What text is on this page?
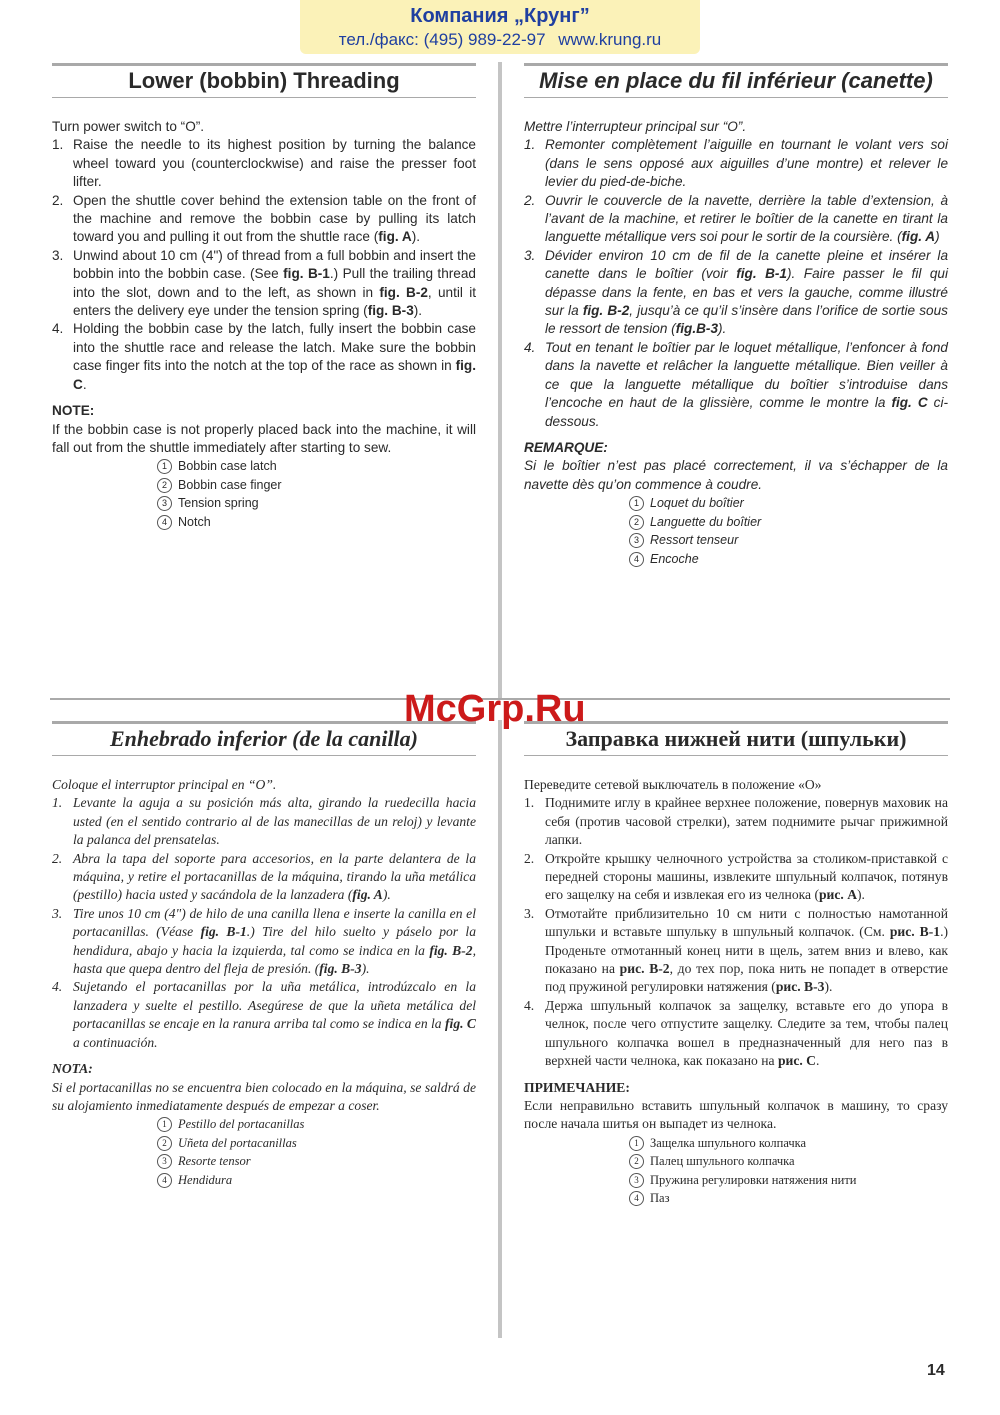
Компания „Крунг”
тел./факс: (495) 989-22-97 www.krung.ru
Lower (bobbin) Threading

Turn power switch to “O”.

1. Raise the needle to its highest position by turning the balance wheel toward you (counterclockwise) and raise the presser foot lifter.
2. Open the shuttle cover behind the extension table on the front of the machine and remove the bobbin case by pulling its latch toward you and pulling it out from the shuttle race (fig. A).
3. Unwind about 10 cm (4") of thread from a full bobbin and insert the bobbin into the bobbin case. (See fig. B-1.) Pull the trailing thread into the slot, down and to the left, as shown in fig. B-2, until it enters the delivery eye under the tension spring (fig. B-3).
4. Holding the bobbin case by the latch, fully insert the bobbin case into the shuttle race and release the latch. Make sure the bobbin case finger fits into the notch at the top of the race as shown in fig. C.

NOTE:

If the bobbin case is not properly placed back into the machine, it will fall out from the shuttle immediately after starting to sew.

1 Bobbin case latch
2 Bobbin case finger
3 Tension spring
4 Notch
Mise en place du fil inférieur (canette)

Mettre l’interrupteur principal sur “O”.

1. Remonter complètement l’aiguille en tournant le volant vers soi (dans le sens opposé aux aiguilles d’une montre) et relever le levier du pied-de-biche.
2. Ouvrir le couvercle de la navette, derrière la table d’extension, à l’avant de la machine, et retirer le boîtier de la canette en tirant la languette métallique vers soi pour le sortir de la coursière. (fig. A)
3. Dévider environ 10 cm de fil de la canette pleine et insérer la canette dans le boîtier (voir fig. B-1). Faire passer le fil qui dépasse dans la fente, en bas et vers la gauche, comme illustré sur la fig. B-2, jusqu’à ce qu’il s’insère dans l’orifice de sortie sous le ressort de tension (fig.B-3).
4. Tout en tenant le boîtier par le loquet métallique, l’enfoncer à fond dans la navette et relâcher la languette métallique. Bien veiller à ce que la languette métallique du boîtier s’introduise dans l’encoche en haut de la glissière, comme le montre la fig. C ci-dessous.

REMARQUE:

Si le boîtier n’est pas placé correctement, il va s’échapper de la navette dès qu’on commence à coudre.

1 Loquet du boîtier
2 Languette du boîtier
3 Ressort tenseur
4 Encoche
Enhebrado inferior (de la canilla)

Coloque el interruptor principal en “O”.

1. Levante la aguja a su posición más alta, girando la ruedecilla hacia usted (en el sentido contrario al de las manecillas de un reloj) y levante la palanca del prensatelas.
2. Abra la tapa del soporte para accesorios, en la parte delantera de la máquina, y retire el portacanillas de la máquina, tirando la uña metálica (pestillo) hacia usted y sacándola de la lanzadera (fig. A).
3. Tire unos 10 cm (4") de hilo de una canilla llena e inserte la canilla en el portacanillas. (Véase fig. B-1.) Tire del hilo suelto y páselo por la hendidura, abajo y hacia la izquierda, tal como se indica en la fig. B-2, hasta que quepa dentro del fleja de presión. (fig. B-3).
4. Sujetando el portacanillas por la uña metálica, introdúzcalo en la lanzadera y suelte el pestillo. Asegúrese de que la uñeta metálica del portacanillas se encaje en la ranura arriba tal como se indica en la fig. C a continuación.

NOTA:

Si el portacanillas no se encuentra bien colocado en la máquina, se saldrá de su alojamiento inmediatamente después de empezar a coser.

1 Pestillo del portacanillas
2 Uñeta del portacanillas
3 Resorte tensor
4 Hendidura
Заправка нижней нити (шпульки)

Переведите сетевой выключатель в положение «О»

1. Поднимите иглу в крайнее верхнее положение, повернув маховик на себя (против часовой стрелки), затем поднимите рычаг прижимной лапки.
2. Откройте крышку челночного устройства за столиком-приставкой с передней стороны машины, извлеките шпульный колпачок, потянув его защелку на себя и извлекая его из челнока (рис. А).
3. Отмотайте приблизительно 10 см нити с полностью намотанной шпульки и вставьте шпульку в шпульный колпачок. (См. рис. В-1.) Проденьте отмотанный конец нити в щель, затем вниз и влево, как показано на рис. В-2, до тех пор, пока нить не попадет в отверстие под пружиной регулировки натяжения (рис. В-3).
4. Держа шпульный колпачок за защелку, вставьте его до упора в челнок, после чего отпустите защелку. Следите за тем, чтобы палец шпульного колпачка вошел в предназначенный для него паз в верхней части челнока, как показано на рис. С.

ПРИМЕЧАНИЕ:

Если неправильно вставить шпульный колпачок в машину, то сразу после начала шитья он выпадет из челнока.

1 Защелка шпульного колпачка
2 Палец шпульного колпачка
3 Пружина регулировки натяжения нити
4 Паз
McGrp.Ru
14
